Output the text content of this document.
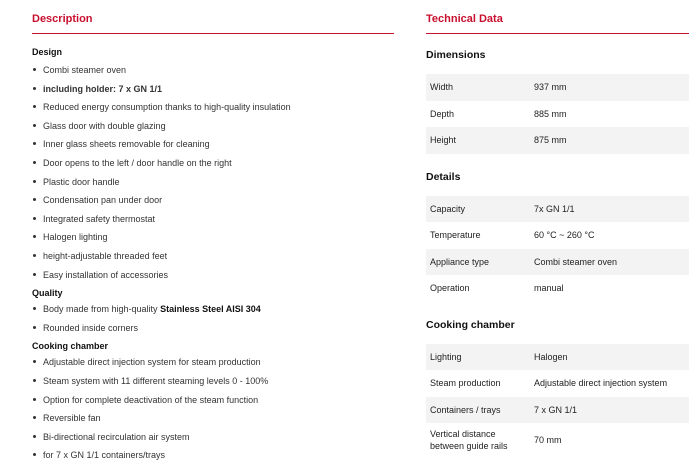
Description

Design

Combi steamer oven
including holder: 7 x GN 1/1
Reduced energy consumption thanks to high-quality insulation
Glass door with double glazing
Inner glass sheets removable for cleaning
Door opens to the left / door handle on the right
Plastic door handle
Condensation pan under door
Integrated safety thermostat
Halogen lighting
height-adjustable threaded feet
Easy installation of accessories

Quality

Body made from high-quality Stainless Steel AISI 304
Rounded inside corners

Cooking chamber

Adjustable direct injection system for steam production
Steam system with 11 different steaming levels 0 - 100%
Option for complete deactivation of the steam function
Reversible fan
Bi-directional recirculation air system
for 7 x GN 1/1 containers/trays
Technical Data

Dimensions

Width	937 mm
Depth	885 mm
Height	875 mm

Details

Capacity	7x GN 1/1
Temperature	60 °C ~ 260 °C
Appliance type	Combi steamer oven
Operation	manual

Cooking chamber

Lighting	Halogen
Steam production	Adjustable direct injection system
Containers / trays	7 x GN 1/1
Vertical distance between guide rails	70 mm
